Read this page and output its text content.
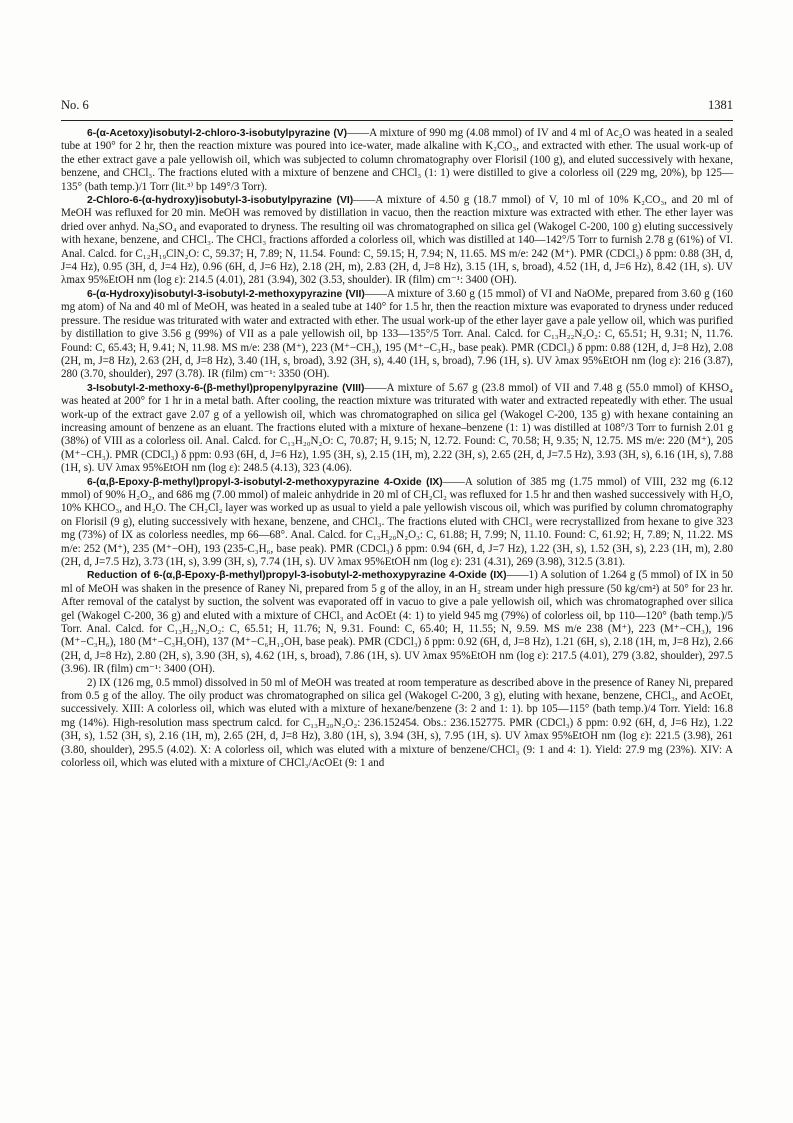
No. 6	1381

6-(α-Acetoxy)isobutyl-2-chloro-3-isobutylpyrazine (V)——A mixture of 990 mg (4.08 mmol) of IV and 4 ml of Ac₂O was heated in a sealed tube at 190° for 2 hr, then the reaction mixture was poured into ice-water, made alkaline with K₂CO₃, and extracted with ether. The usual work-up of the ether extract gave a pale yellowish oil, which was subjected to column chromatography over Florisil (100 g), and eluted successively with hexane, benzene, and CHCl₃. The fractions eluted with a mixture of benzene and CHCl₃ (1: 1) were distilled to give a colorless oil (229 mg, 20%), bp 125—135° (bath temp.)/1 Torr (lit.³⁾ bp 149°/3 Torr).

2-Chloro-6-(α-hydroxy)isobutyl-3-isobutylpyrazine (VI)——A mixture of 4.50 g (18.7 mmol) of V, 10 ml of 10% K₂CO₃, and 20 ml of MeOH was refluxed for 20 min. MeOH was removed by distillation in vacuo, then the reaction mixture was extracted with ether. The ether layer was dried over anhyd. Na₂SO₄ and evaporated to dryness. The resulting oil was chromatographed on silica gel (Wakogel C-200, 100 g) eluting successively with hexane, benzene, and CHCl₃. The CHCl₃ fractions afforded a colorless oil, which was distilled at 140—142°/5 Torr to furnish 2.78 g (61%) of VI. Anal. Calcd. for C₁₂H₁₉ClN₂O: C, 59.37; H, 7.89; N, 11.54. Found: C, 59.15; H, 7.94; N, 11.65. MS m/e: 242 (M⁺). PMR (CDCl₃) δ ppm: 0.88 (3H, d, J=4 Hz), 0.95 (3H, d, J=4 Hz), 0.96 (6H, d, J=6 Hz), 2.18 (2H, m), 2.83 (2H, d, J=8 Hz), 3.15 (1H, s, broad), 4.52 (1H, d, J=6 Hz), 8.42 (1H, s). UV λmax 95%EtOH nm (log ε): 214.5 (4.01), 281 (3.94), 302 (3.53, shoulder). IR (film) cm⁻¹: 3400 (OH).

6-(α-Hydroxy)isobutyl-3-isobutyl-2-methoxypyrazine (VII)——A mixture of 3.60 g (15 mmol) of VI and NaOMe, prepared from 3.60 g (160 mg atom) of Na and 40 ml of MeOH, was heated in a sealed tube at 140° for 1.5 hr, then the reaction mixture was evaporated to dryness under reduced pressure. The residue was triturated with water and extracted with ether. The usual work-up of the ether layer gave a pale yellow oil, which was purified by distillation to give 3.56 g (99%) of VII as a pale yellowish oil, bp 133—135°/5 Torr. Anal. Calcd. for C₁₃H₂₂N₂O₂: C, 65.51; H, 9.31; N, 11.76. Found: C, 65.43; H, 9.41; N, 11.98. MS m/e: 238 (M⁺), 223 (M⁺−CH₃), 195 (M⁺−C₃H₇, base peak). PMR (CDCl₃) δ ppm: 0.88 (12H, d, J=8 Hz), 2.08 (2H, m, J=8 Hz), 2.63 (2H, d, J=8 Hz), 3.40 (1H, s, broad), 3.92 (3H, s), 4.40 (1H, s, broad), 7.96 (1H, s). UV λmax 95%EtOH nm (log ε): 216 (3.87), 280 (3.70, shoulder), 297 (3.78). IR (film) cm⁻¹: 3350 (OH).

3-Isobutyl-2-methoxy-6-(β-methyl)propenylpyrazine (VIII)——A mixture of 5.67 g (23.8 mmol) of VII and 7.48 g (55.0 mmol) of KHSO₄ was heated at 200° for 1 hr in a metal bath. After cooling, the reaction mixture was triturated with water and extracted repeatedly with ether. The usual work-up of the extract gave 2.07 g of a yellowish oil, which was chromatographed on silica gel (Wakogel C-200, 135 g) with hexane containing an increasing amount of benzene as an eluant. The fractions eluted with a mixture of hexane–benzene (1: 1) was distilled at 108°/3 Torr to furnish 2.01 g (38%) of VIII as a colorless oil. Anal. Calcd. for C₁₃H₂₀N₂O: C, 70.87; H, 9.15; N, 12.72. Found: C, 70.58; H, 9.35; N, 12.75. MS m/e: 220 (M⁺), 205 (M⁺−CH₃). PMR (CDCl₃) δ ppm: 0.93 (6H, d, J=6 Hz), 1.95 (3H, s), 2.15 (1H, m), 2.22 (3H, s), 2.65 (2H, d, J=7.5 Hz), 3.93 (3H, s), 6.16 (1H, s), 7.88 (1H, s). UV λmax 95%EtOH nm (log ε): 248.5 (4.13), 323 (4.06).

6-(α,β-Epoxy-β-methyl)propyl-3-isobutyl-2-methoxypyrazine 4-Oxide (IX)——A solution of 385 mg (1.75 mmol) of VIII, 232 mg (6.12 mmol) of 90% H₂O₂, and 686 mg (7.00 mmol) of maleic anhydride in 20 ml of CH₂Cl₂ was refluxed for 1.5 hr and then washed successively with H₂O, 10% KHCO₃, and H₂O. The CH₂Cl₂ layer was worked up as usual to yield a pale yellowish viscous oil, which was purified by column chromatography on Florisil (9 g), eluting successively with hexane, benzene, and CHCl₃. The fractions eluted with CHCl₃ were recrystallized from hexane to give 323 mg (73%) of IX as colorless needles, mp 66—68°. Anal. Calcd. for C₁₃H₂₀N₂O₃: C, 61.88; H, 7.99; N, 11.10. Found: C, 61.92; H, 7.89; N, 11.22. MS m/e: 252 (M⁺), 235 (M⁺−OH), 193 (235-C₃H₆, base peak). PMR (CDCl₃) δ ppm: 0.94 (6H, d, J=7 Hz), 1.22 (3H, s), 1.52 (3H, s), 2.23 (1H, m), 2.80 (2H, d, J=7.5 Hz), 3.73 (1H, s), 3.99 (3H, s), 7.74 (1H, s). UV λmax 95%EtOH nm (log ε): 231 (4.31), 269 (3.98), 312.5 (3.81).

Reduction of 6-(α,β-Epoxy-β-methyl)propyl-3-isobutyl-2-methoxypyrazine 4-Oxide (IX)——1) A solution of 1.264 g (5 mmol) of IX in 50 ml of MeOH was shaken in the presence of Raney Ni, prepared from 5 g of the alloy, in an H₂ stream under high pressure (50 kg/cm²) at 50° for 23 hr. After removal of the catalyst by suction, the solvent was evaporated off in vacuo to give a pale yellowish oil, which was chromatographed over silica gel (Wakogel C-200, 36 g) and eluted with a mixture of CHCl₃ and AcOEt (4: 1) to yield 945 mg (79%) of colorless oil, bp 110—120° (bath temp.)/5 Torr. Anal. Calcd. for C₁₃H₂₂N₂O₂: C, 65.51; H, 11.76; N, 9.31. Found: C, 65.40; H, 11.55; N, 9.59. MS m/e 238 (M⁺), 223 (M⁺−CH₃), 196 (M⁺−C₃H₆), 180 (M⁺−C₃H₅OH), 137 (M⁺−C₆H₁₂OH, base peak). PMR (CDCl₃) δ ppm: 0.92 (6H, d, J=8 Hz), 1.21 (6H, s), 2.18 (1H, m, J=8 Hz), 2.66 (2H, d, J=8 Hz), 2.80 (2H, s), 3.90 (3H, s), 4.62 (1H, s, broad), 7.86 (1H, s). UV λmax 95%EtOH nm (log ε): 217.5 (4.01), 279 (3.82, shoulder), 297.5 (3.96). IR (film) cm⁻¹: 3400 (OH).

2) IX (126 mg, 0.5 mmol) dissolved in 50 ml of MeOH was treated at room temperature as described above in the presence of Raney Ni, prepared from 0.5 g of the alloy. The oily product was chromatographed on silica gel (Wakogel C-200, 3 g), eluting with hexane, benzene, CHCl₃, and AcOEt, successively. XIII: A colorless oil, which was eluted with a mixture of hexane/benzene (3: 2 and 1: 1). bp 105—115° (bath temp.)/4 Torr. Yield: 16.8 mg (14%). High-resolution mass spectrum calcd. for C₁₃H₂₀N₂O₂: 236.152454. Obs.: 236.152775. PMR (CDCl₃) δ ppm: 0.92 (6H, d, J=6 Hz), 1.22 (3H, s), 1.52 (3H, s), 2.16 (1H, m), 2.65 (2H, d, J=8 Hz), 3.80 (1H, s), 3.94 (3H, s), 7.95 (1H, s). UV λmax 95%EtOH nm (log ε): 221.5 (3.98), 261 (3.80, shoulder), 295.5 (4.02). X: A colorless oil, which was eluted with a mixture of benzene/CHCl₃ (9: 1 and 4: 1). Yield: 27.9 mg (23%). XIV: A colorless oil, which was eluted with a mixture of CHCl₃/AcOEt (9: 1 and
